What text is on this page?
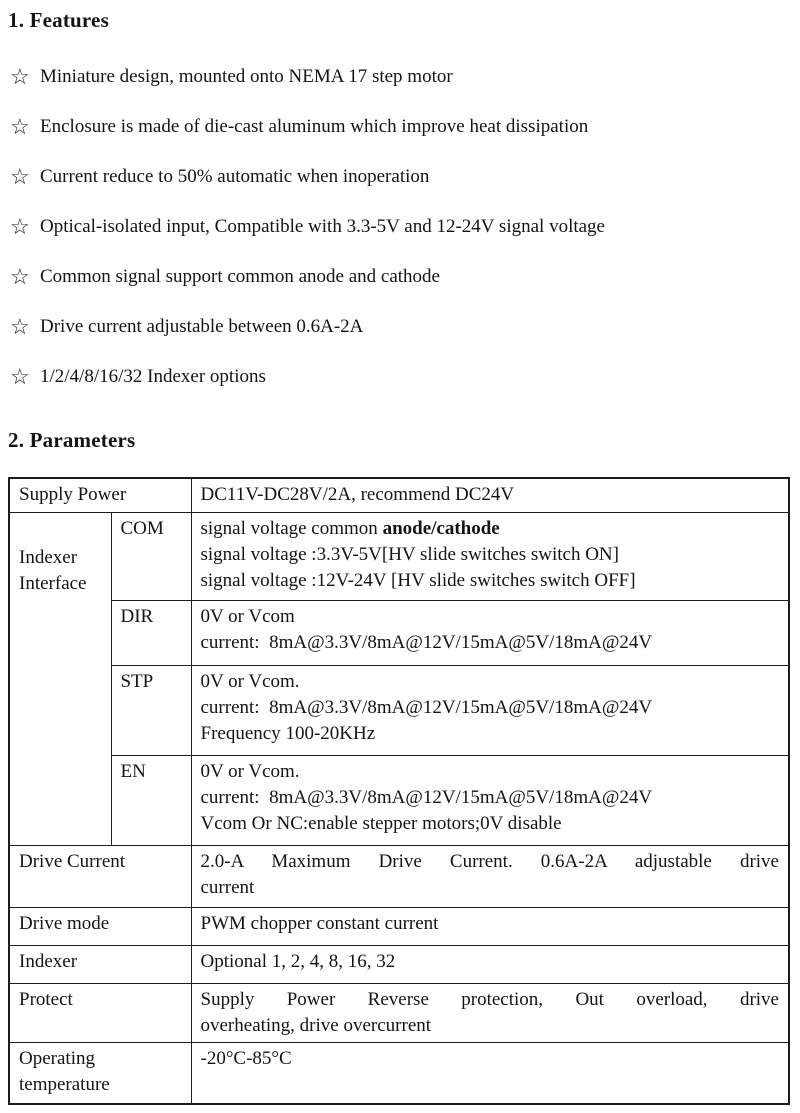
1. Features
☆ Miniature design, mounted onto NEMA 17 step motor
☆ Enclosure is made of die-cast aluminum which improve heat dissipation
☆ Current reduce to 50% automatic when inoperation
☆ Optical-isolated input, Compatible with 3.3-5V and 12-24V signal voltage
☆ Common signal support common anode and cathode
☆ Drive current adjustable between 0.6A-2A
☆ 1/2/4/8/16/32 Indexer options
2. Parameters
Supply Power		DC11V-DC28V/2A, recommend DC24V

Indexer Interface	COM	signal voltage common anode/cathode
signal voltage :3.3V-5V[HV slide switches switch ON]
signal voltage :12V-24V [HV slide switches switch OFF]

	DIR	0V or Vcom
current:  8mA@3.3V/8mA@12V/15mA@5V/18mA@24V

	STP	0V or Vcom.
current:  8mA@3.3V/8mA@12V/15mA@5V/18mA@24V
Frequency 100-20KHz

	EN	0V or Vcom.
current:  8mA@3.3V/8mA@12V/15mA@5V/18mA@24V
Vcom Or NC:enable stepper motors;0V disable

Drive Current		2.0-A Maximum Drive Current. 0.6A-2A adjustable drive
current

Drive mode		PWM chopper constant current

Indexer		Optional 1, 2, 4, 8, 16, 32

Protect		Supply Power Reverse protection, Out overload, drive
overheating, drive overcurrent

Operating temperature		-20°C-85°C
